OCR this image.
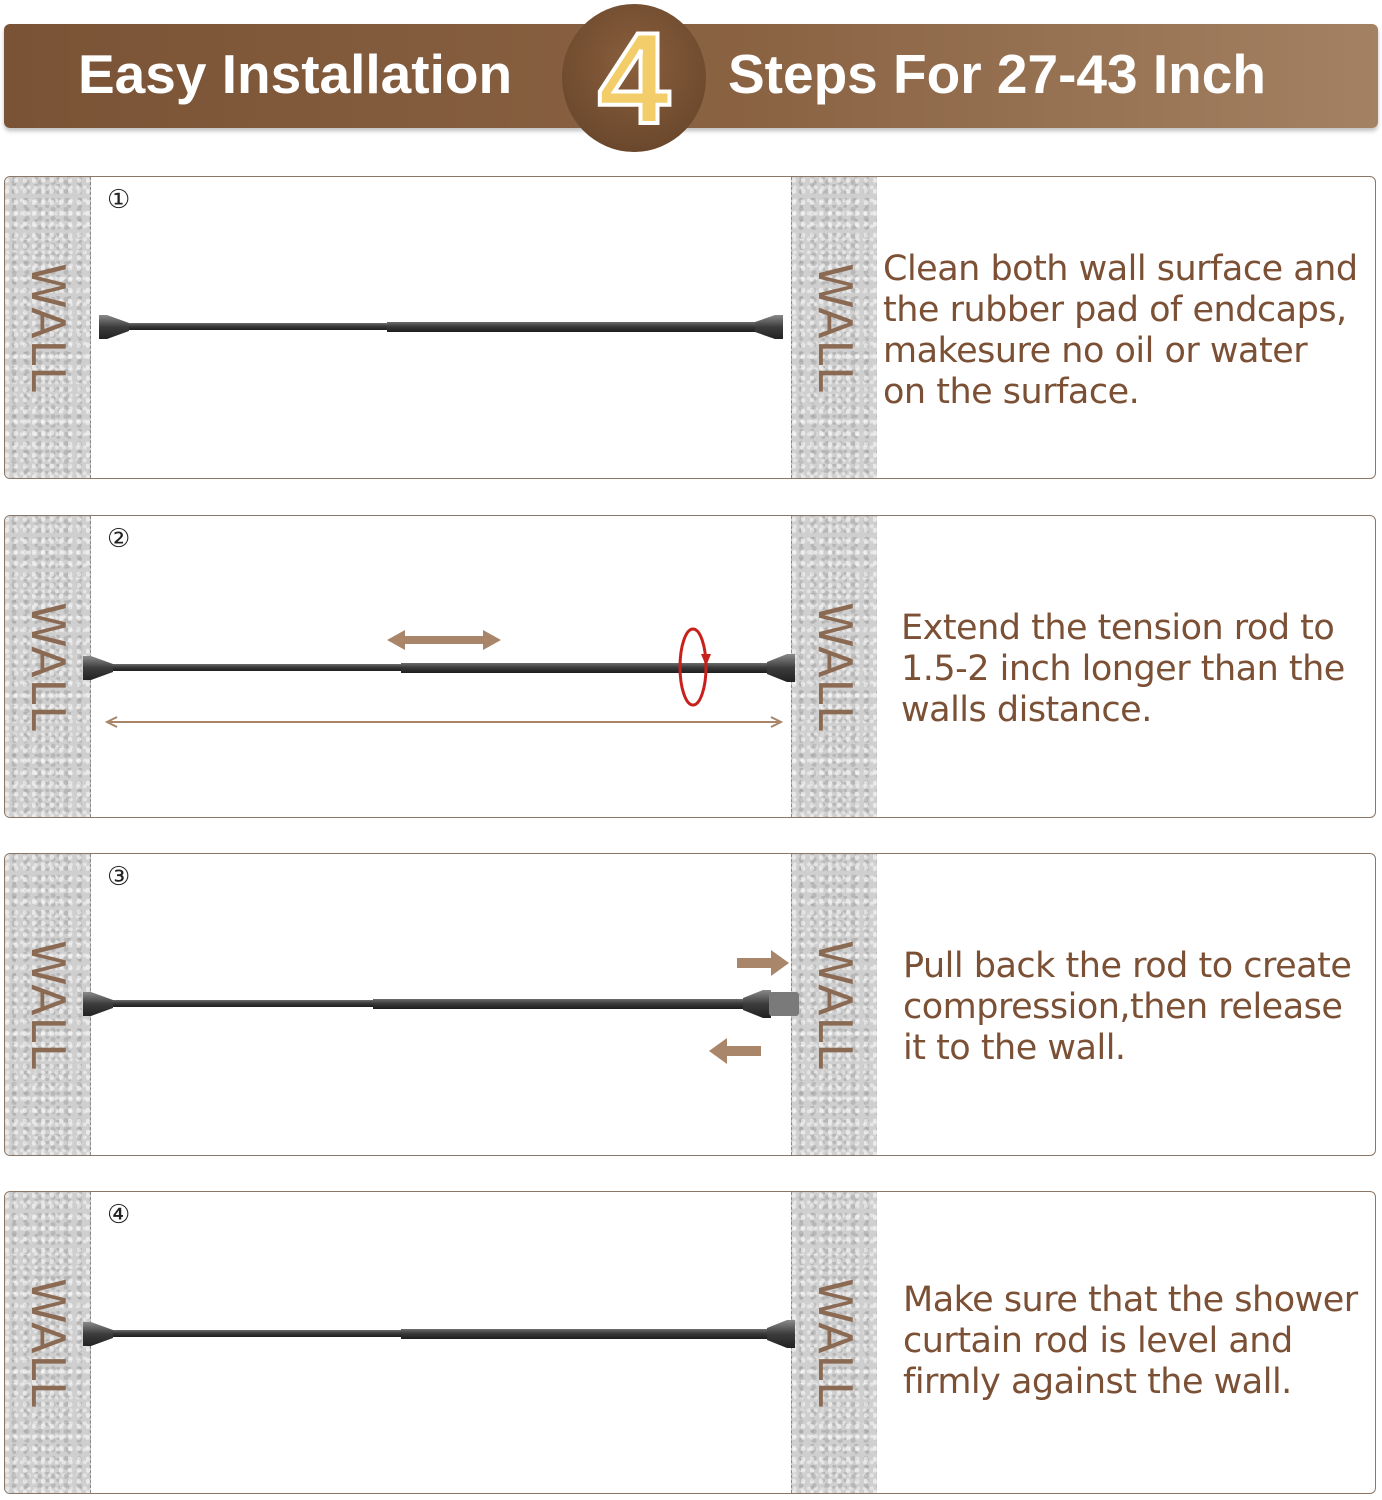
Easy Installation	Steps For 27-43 Inch
4
WALL	WALL
①
Clean both wall surface and
the rubber pad of endcaps,
makesure no oil or water
on the surface.
WALL	WALL
②
Extend the tension rod to
1.5-2 inch longer than the
walls distance.
WALL	WALL
③
Pull back the rod to create
compression,then release
it to the wall.
WALL	WALL
④
Make sure that the shower
curtain rod is level and
firmly against the wall.
